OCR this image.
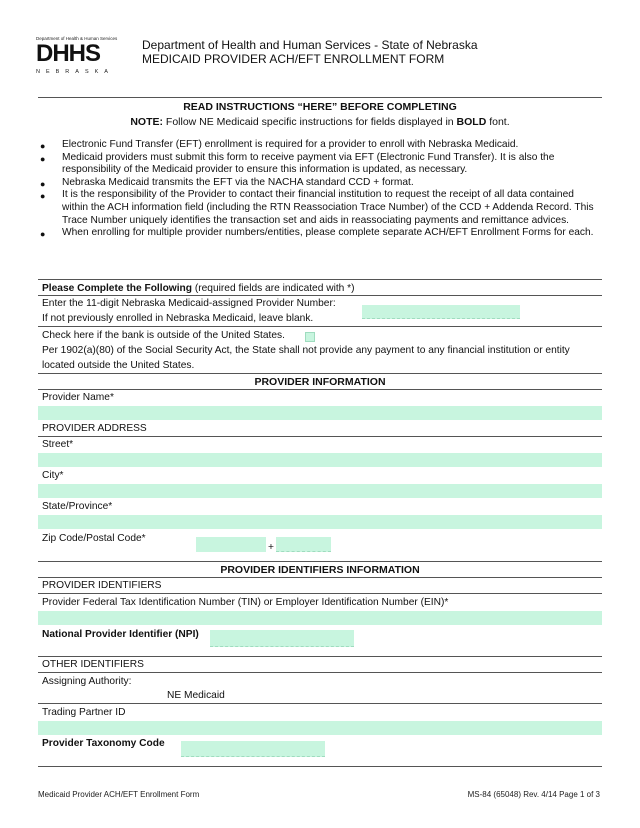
Department of Health & Human Services
DHHS
NEBRASKA
Department of Health and Human Services - State of Nebraska
MEDICAID PROVIDER ACH/EFT ENROLLMENT FORM
READ INSTRUCTIONS “HERE” BEFORE COMPLETING
NOTE: Follow NE Medicaid specific instructions for fields displayed in BOLD font.
● Electronic Fund Transfer (EFT) enrollment is required for a provider to enroll with Nebraska Medicaid.
● Medicaid providers must submit this form to receive payment via EFT (Electronic Fund Transfer). It is also the responsibility of the Medicaid provider to ensure this information is updated, as necessary.
● Nebraska Medicaid transmits the EFT via the NACHA standard CCD + format.
● It is the responsibility of the Provider to contact their financial institution to request the receipt of all data contained within the ACH information field (including the RTN Reassociation Trace Number) of the CCD + Addenda Record. This Trace Number uniquely identifies the transaction set and aids in reassociating payments and remittance advices.
● When enrolling for multiple provider numbers/entities, please complete separate ACH/EFT Enrollment Forms for each.
Please Complete the Following (required fields are indicated with *)
Enter the 11-digit Nebraska Medicaid-assigned Provider Number:
If not previously enrolled in Nebraska Medicaid, leave blank.
Check here if the bank is outside of the United States.
Per 1902(a)(80) of the Social Security Act, the State shall not provide any payment to any financial institution or entity
located outside the United States.
PROVIDER INFORMATION
Provider Name*
PROVIDER ADDRESS
Street*
City*
State/Province*
Zip Code/Postal Code*
+
PROVIDER IDENTIFIERS INFORMATION
PROVIDER IDENTIFIERS
Provider Federal Tax Identification Number (TIN) or Employer Identification Number (EIN)*
National Provider Identifier (NPI)
OTHER IDENTIFIERS
Assigning Authority:
NE Medicaid
Trading Partner ID
Provider Taxonomy Code
Medicaid Provider ACH/EFT Enrollment Form	MS-84 (65048) Rev. 4/14 Page 1 of 3
